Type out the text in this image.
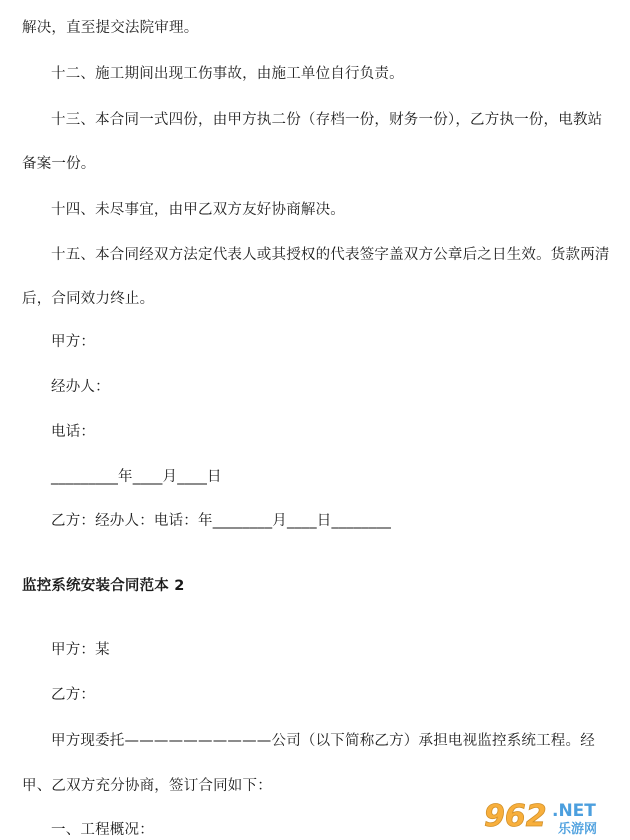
解决，直至提交法院审理。
十二、施工期间出现工伤事故，由施工单位自行负责。
十三、本合同一式四份，由甲方执二份（存档一份，财务一份），乙方执一份，电教站
备案一份。
十四、未尽事宜，由甲乙双方友好协商解决。
十五、本合同经双方法定代表人或其授权的代表签字盖双方公章后之日生效。货款两清
后，合同效力终止。
甲方：
经办人：
电话：
_________年____月____日
乙方：经办人：电话：年________月____日________
监控系统安装合同范本 2
甲方：某
乙方：
甲方现委托——————————公司（以下简称乙方）承担电视监控系统工程。经
甲、乙双方充分协商，签订合同如下：
一、工程概况：	962 .NET
乐游网
